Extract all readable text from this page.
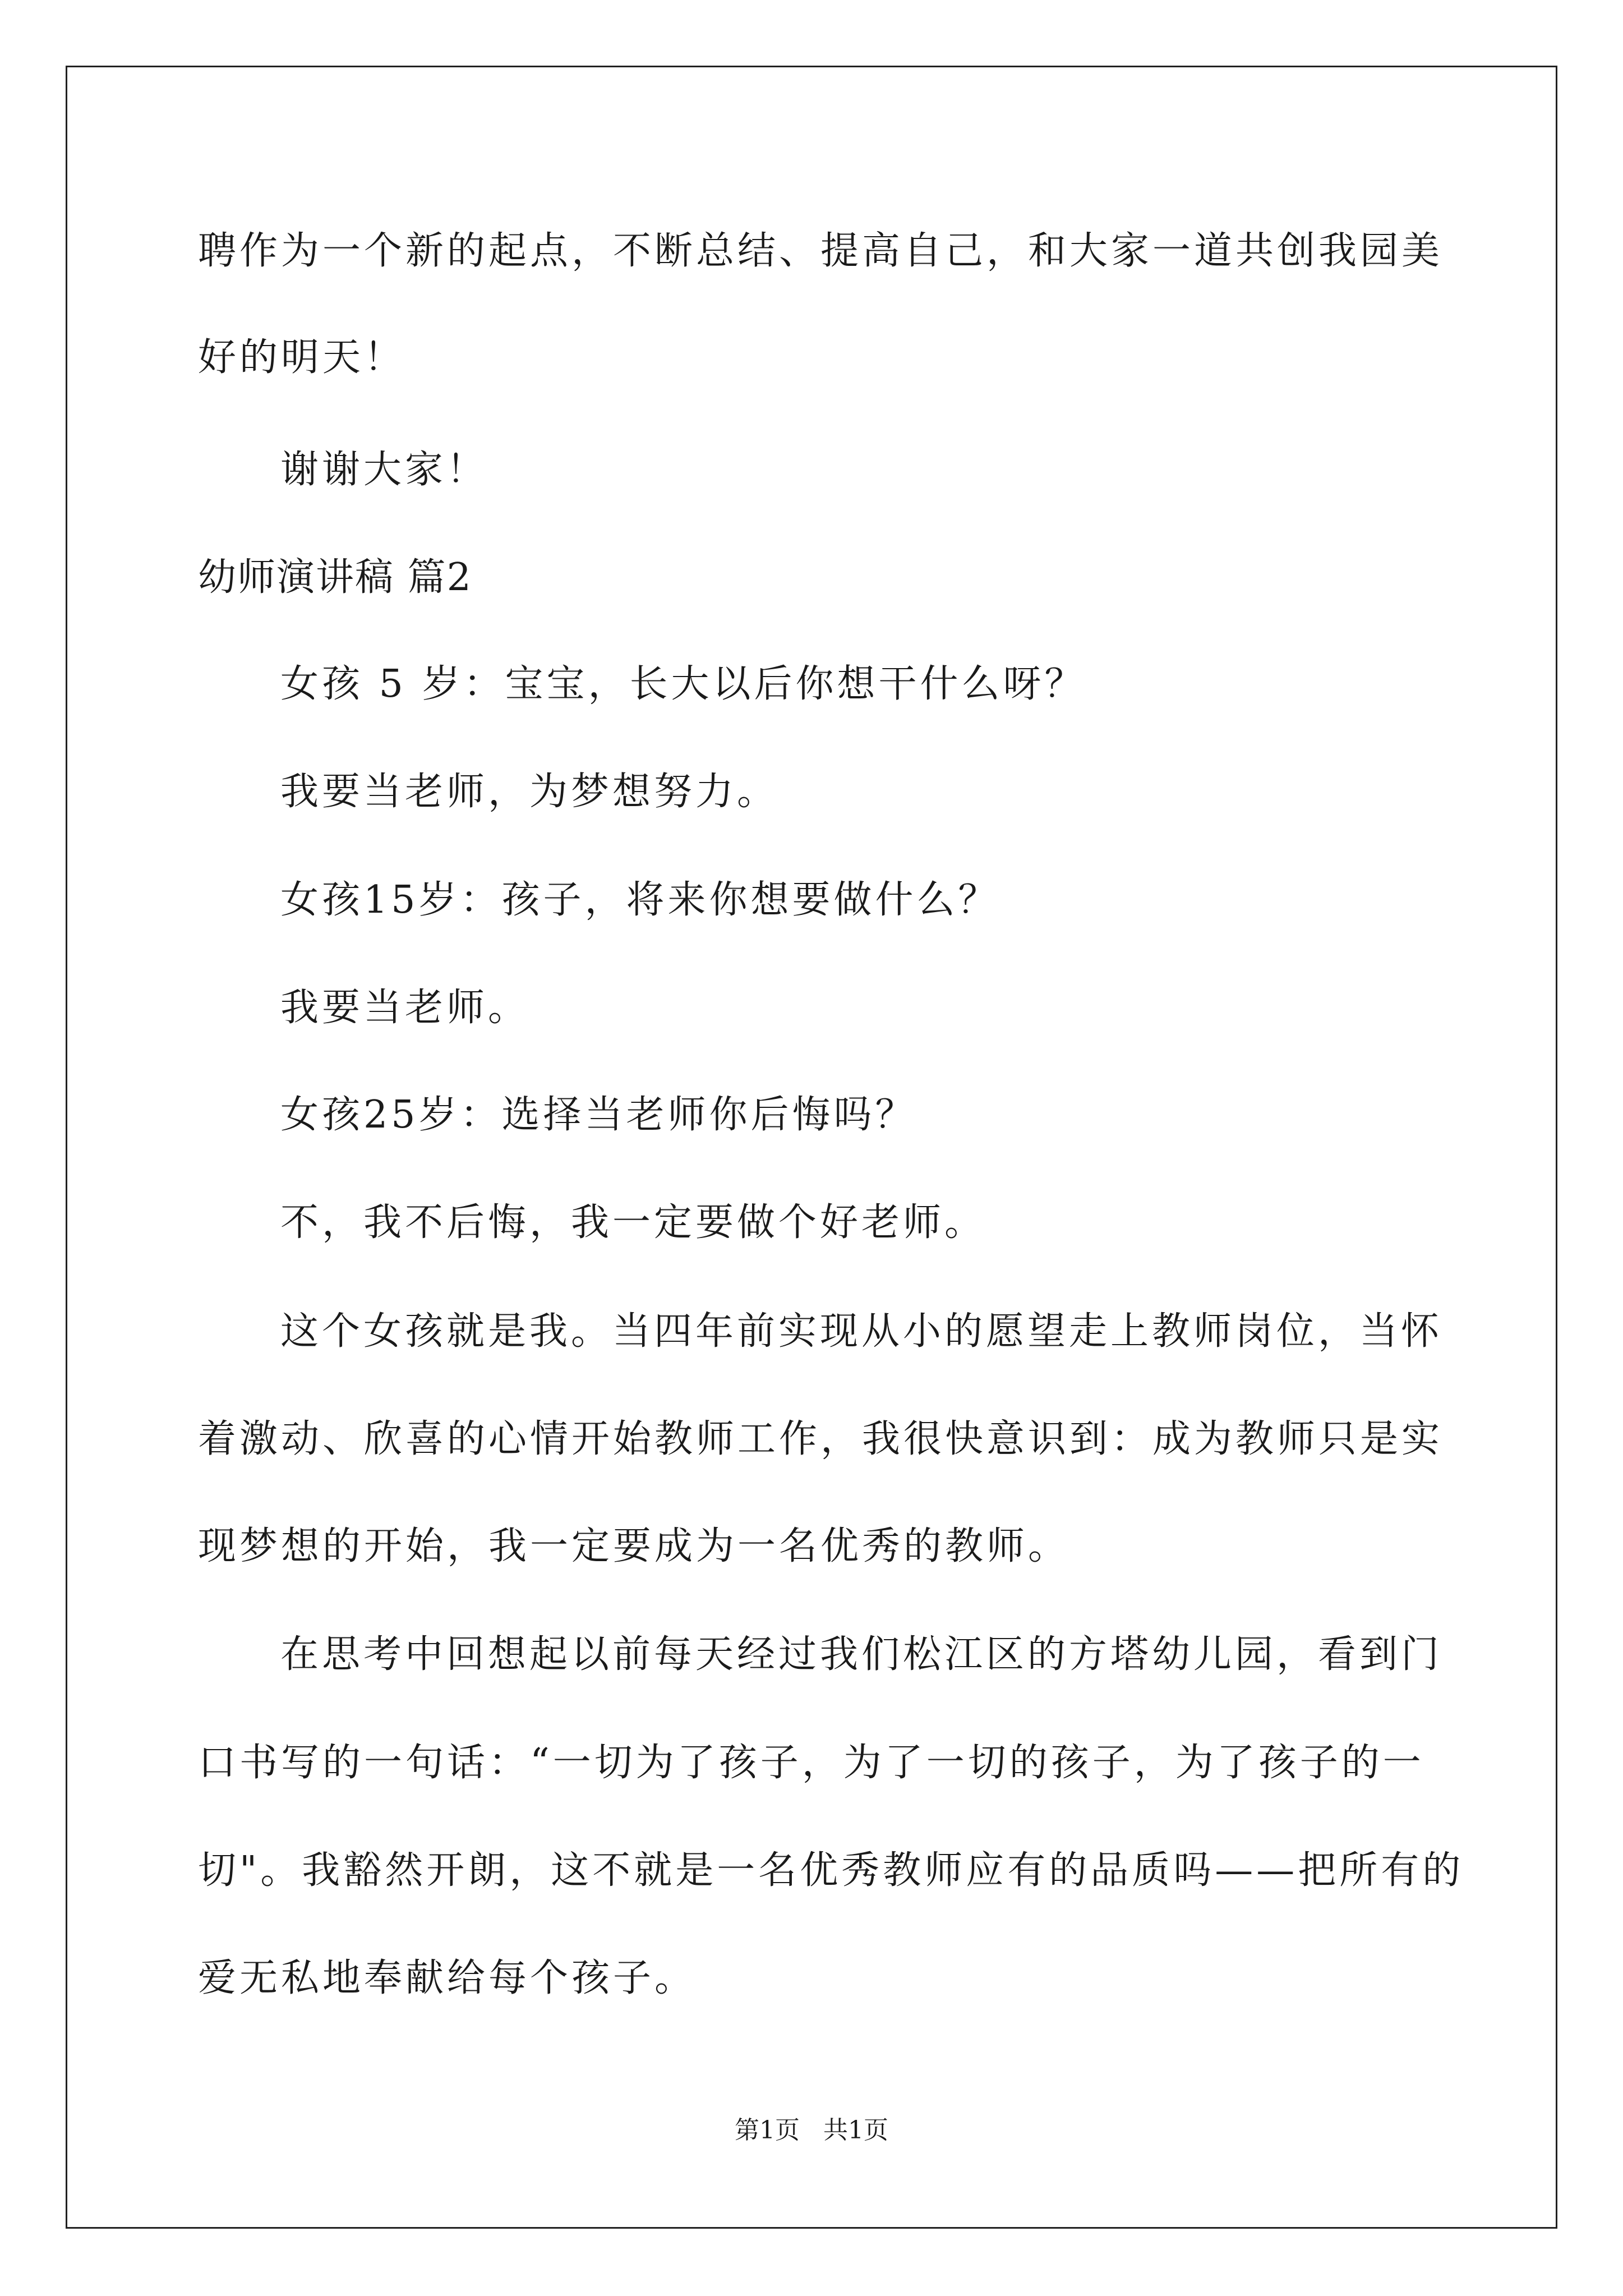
聘作为一个新的起点，不断总结、提高自己，和大家一道共创我园美
好的明天！
谢谢大家！
幼师演讲稿 篇2
女孩 5 岁：宝宝，长大以后你想干什么呀？
我要当老师，为梦想努力。
女孩15岁：孩子，将来你想要做什么？
我要当老师。
女孩25岁：选择当老师你后悔吗？
不，我不后悔，我一定要做个好老师。
这个女孩就是我。当四年前实现从小的愿望走上教师岗位，当怀
着激动、欣喜的心情开始教师工作，我很快意识到：成为教师只是实
现梦想的开始，我一定要成为一名优秀的教师。
在思考中回想起以前每天经过我们松江区的方塔幼儿园，看到门
口书写的一句话：“一切为了孩子，为了一切的孩子，为了孩子的一
切"。我豁然开朗，这不就是一名优秀教师应有的品质吗——把所有的
爱无私地奉献给每个孩子。
第1页 共1页
